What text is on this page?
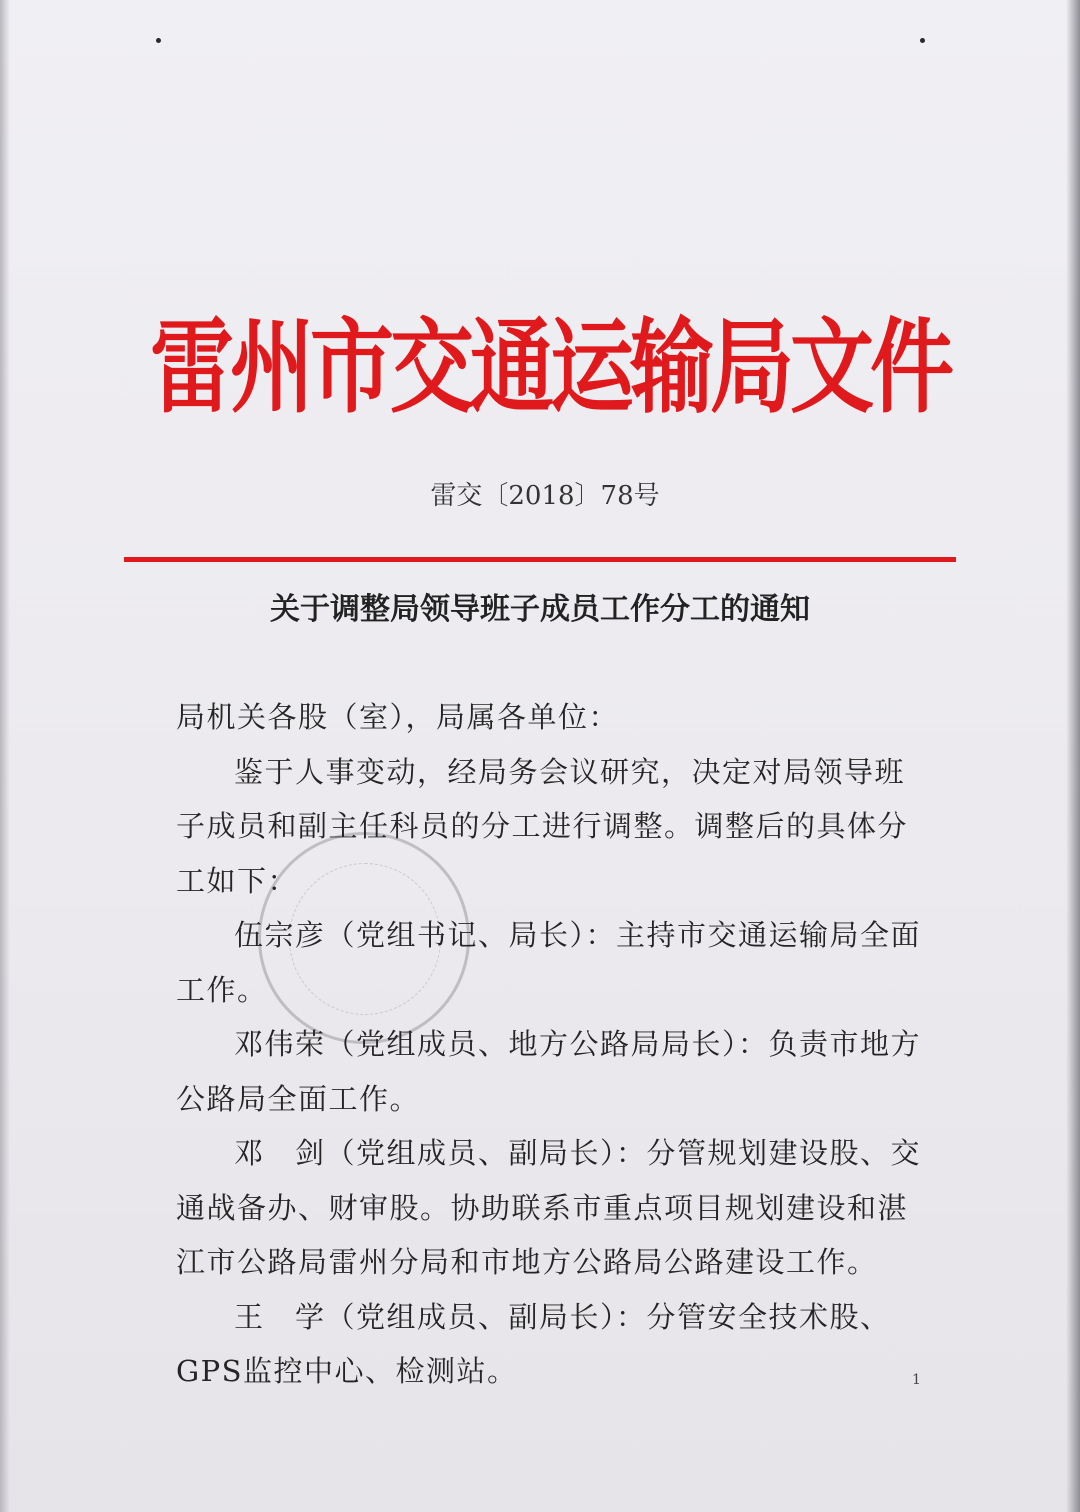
雷州市交通运输局文件
雷交〔2018〕78号
关于调整局领导班子成员工作分工的通知

局机关各股（室），局属各单位：

鉴于人事变动，经局务会议研究，决定对局领导班子成员和副主任科员的分工进行调整。调整后的具体分工如下：

伍宗彦（党组书记、局长）：主持市交通运输局全面工作。

邓伟荣（党组成员、地方公路局局长）：负责市地方公路局全面工作。

邓　剑（党组成员、副局长）：分管规划建设股、交通战备办、财审股。协助联系市重点项目规划建设和湛江市公路局雷州分局和市地方公路局公路建设工作。

王　学（党组成员、副局长）：分管安全技术股、GPS监控中心、检测站。	1
